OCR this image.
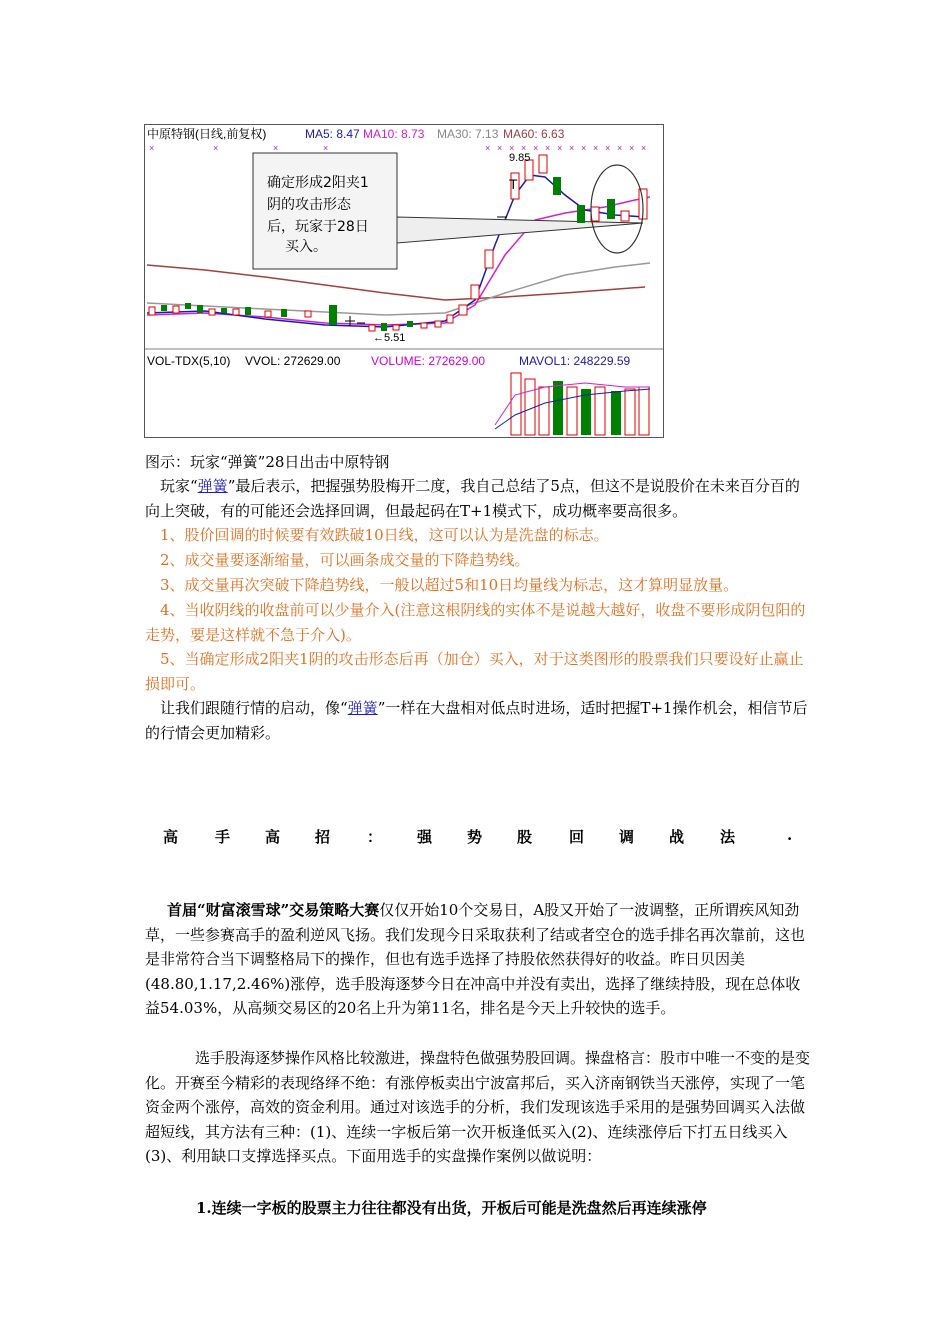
中原特钢(日线,前复权)	MA5: 8.47 MA10: 8.73 MA30: 7.13 MA60: 6.63
×	×	×	×	× × × × × × × × × × × × × ×
确定形成2阳夹1
阴的攻击形态
后，玩家于28日
买入。
9.85
T
←5.51
VOL-TDX(5,10) VVOL: 272629.00	VOLUME: 272629.00	MAVOL1: 248229.59
图示：玩家“弹簧”28日出击中原特钢
玩家“弹簧”最后表示，把握强势股梅开二度，我自己总结了5点，但这不是说股价在未来百分百的向上突破，有的可能还会选择回调，但最起码在T+1模式下，成功概率要高很多。
1、股价回调的时候要有效跌破10日线，这可以认为是洗盘的标志。
2、成交量要逐渐缩量，可以画条成交量的下降趋势线。
3、成交量再次突破下降趋势线，一般以超过5和10日均量线为标志，这才算明显放量。
4、当收阴线的收盘前可以少量介入(注意这根阴线的实体不是说越大越好，收盘不要形成阴包阳的走势，要是这样就不急于介入)。
5、当确定形成2阳夹1阴的攻击形态后再（加仓）买入，对于这类图形的股票我们只要设好止赢止损即可。
让我们跟随行情的启动，像“弹簧”一样在大盘相对低点时进场，适时把握T+1操作机会，相信节后的行情会更加精彩。
高 手 高 招 ： 强 势 股 回 调 战 法	.
首届“财富滚雪球”交易策略大赛仅仅开始10个交易日，A股又开始了一波调整，正所谓疾风知劲草，一些参赛高手的盈利逆风飞扬。我们发现今日采取获利了结或者空仓的选手排名再次靠前，这也是非常符合当下调整格局下的操作，但也有选手选择了持股依然获得好的收益。昨日贝因美(48.80,1.17,2.46%)涨停，选手股海逐梦今日在冲高中并没有卖出，选择了继续持股，现在总体收益54.03%，从高频交易区的20名上升为第11名，排名是今天上升较快的选手。
选手股海逐梦操作风格比较激进，操盘特色做强势股回调。操盘格言：股市中唯一不变的是变化。开赛至今精彩的表现络绎不绝：有涨停板卖出宁波富邦后，买入济南钢铁当天涨停，实现了一笔资金两个涨停，高效的资金利用。通过对该选手的分析，我们发现该选手采用的是强势回调买入法做超短线，其方法有三种：(1)、连续一字板后第一次开板逢低买入(2)、连续涨停后下打五日线买入(3)、利用缺口支撑选择买点。下面用选手的实盘操作案例以做说明：
1.连续一字板的股票主力往往都没有出货，开板后可能是洗盘然后再连续涨停
